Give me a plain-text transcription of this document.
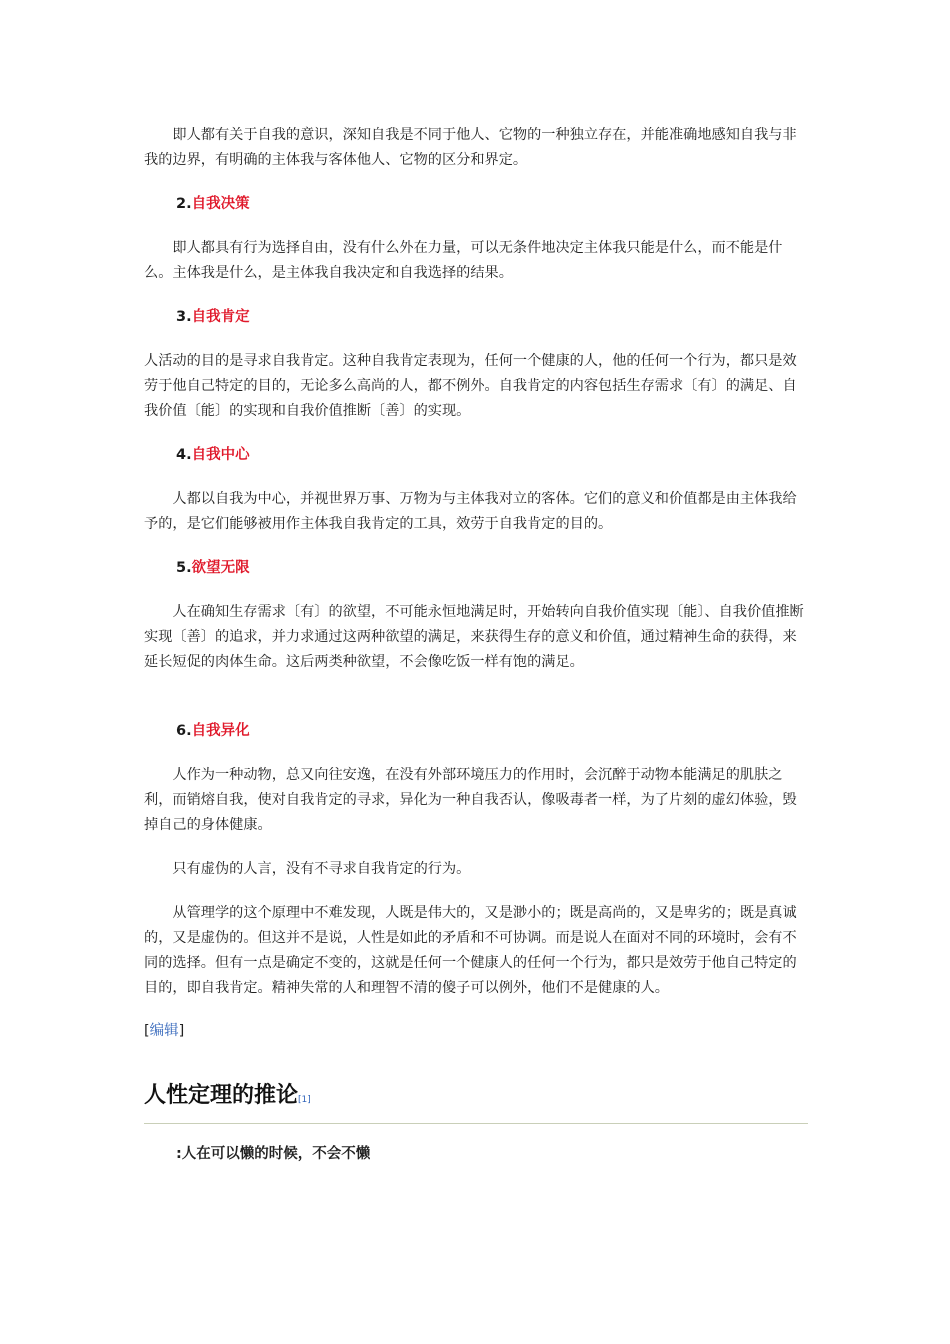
即人都有关于自我的意识，深知自我是不同于他人、它物的一种独立存在，并能准确地感知自我与非我的边界，有明确的主体我与客体他人、它物的区分和界定。

2.自我决策

即人都具有行为选择自由，没有什么外在力量，可以无条件地决定主体我只能是什么，而不能是什么。主体我是什么，是主体我自我决定和自我选择的结果。

3.自我肯定

人活动的目的是寻求自我肯定。这种自我肯定表现为，任何一个健康的人，他的任何一个行为，都只是效劳于他自己特定的目的，无论多么高尚的人，都不例外。自我肯定的内容包括生存需求〔有〕的满足、自我价值〔能〕的实现和自我价值推断〔善〕的实现。

4.自我中心

人都以自我为中心，并视世界万事、万物为与主体我对立的客体。它们的意义和价值都是由主体我给予的，是它们能够被用作主体我自我肯定的工具，效劳于自我肯定的目的。

5.欲望无限

人在确知生存需求〔有〕的欲望，不可能永恒地满足时，开始转向自我价值实现〔能〕、自我价值推断实现〔善〕的追求，并力求通过这两种欲望的满足，来获得生存的意义和价值，通过精神生命的获得，来延长短促的肉体生命。这后两类种欲望，不会像吃饭一样有饱的满足。

6.自我异化

人作为一种动物，总又向往安逸，在没有外部环境压力的作用时，会沉醉于动物本能满足的肌肤之利，而销熔自我，使对自我肯定的寻求，异化为一种自我否认，像吸毒者一样，为了片刻的虚幻体验，毁掉自己的身体健康。

只有虚伪的人言，没有不寻求自我肯定的行为。

从管理学的这个原理中不难发现，人既是伟大的，又是渺小的；既是高尚的，又是卑劣的；既是真诚的，又是虚伪的。但这并不是说，人性是如此的矛盾和不可协调。而是说人在面对不同的环境时，会有不同的选择。但有一点是确定不变的，这就是任何一个健康人的任何一个行为，都只是效劳于他自己特定的目的，即自我肯定。精神失常的人和理智不清的傻子可以例外，他们不是健康的人。

[编辑]

人性定理的推论[1]

:人在可以懒的时候，不会不懒
